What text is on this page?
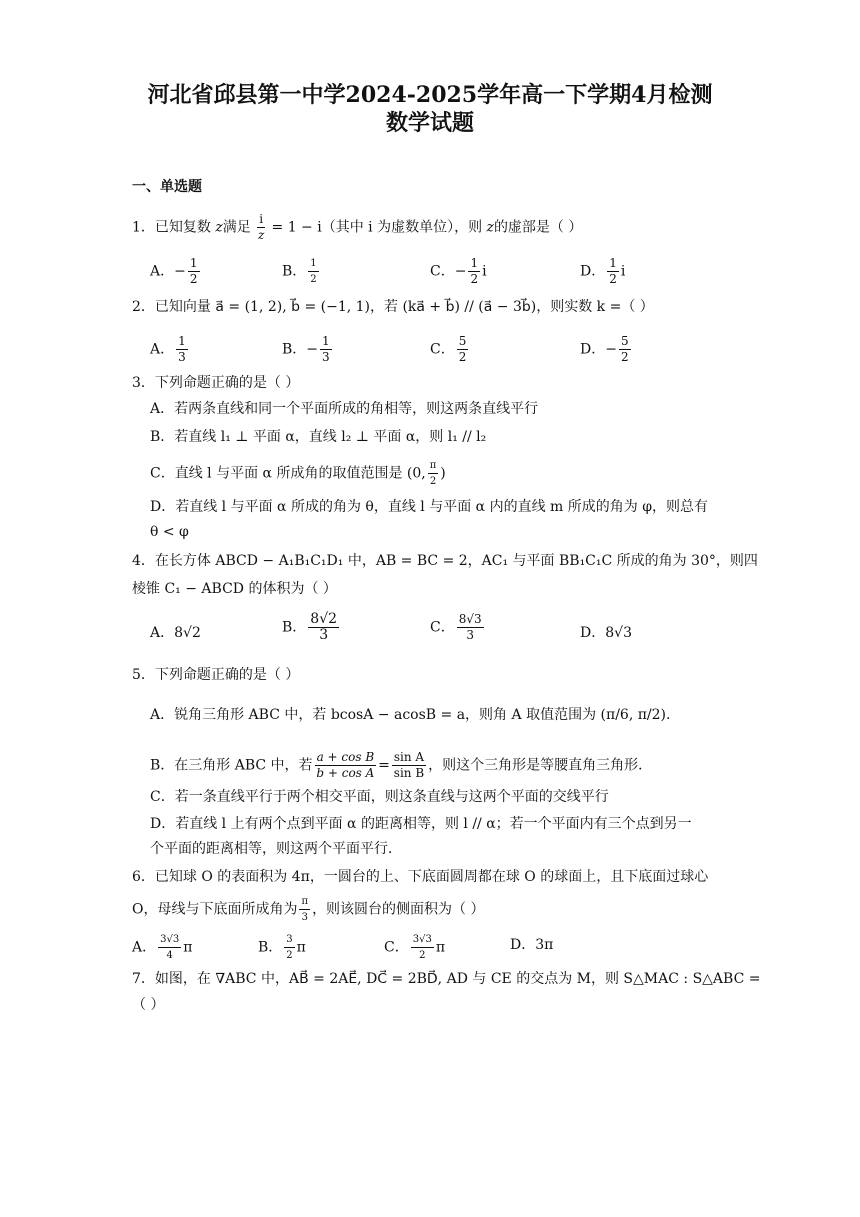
河北省邱县第一中学2024-2025学年高一下学期4月检测
数学试题
一、单选题
1．已知复数 z满足 $\frac{i}{z} = 1 - i$（其中 i 为虚数单位），则 z的虚部是（ ）
A．− $\frac{1}{2}$	B． $\frac{1}{2}$	C．− $\frac{1}{2}$ i	D． $\frac{1}{2}$ i
2．已知向量 a⃗ = (1, 2), b⃗ = (−1, 1)，若 (ka⃗ + b⃗) // (a⃗ − 3b⃗)，则实数 k =（ ）
A． $\frac{1}{3}$	B．− $\frac{1}{3}$	C． $\frac{5}{2}$	D．− $\frac{5}{2}$
3．下列命题正确的是（ ）
A．若两条直线和同一个平面所成的角相等，则这两条直线平行
B．若直线 l₁ ⊥ 平面 α，直线 l₂ ⊥ 平面 α，则 l₁ // l₂
C．直线 l 与平面 α 所成角的取值范围是 (0, $\frac{\pi}{2}$ )
D．若直线 l 与平面 α 所成的角为 θ，直线 l 与平面 α 内的直线 m 所成的角为 φ，则总有
θ < φ
4．在长方体 ABCD − A₁B₁C₁D₁ 中，AB = BC = 2，AC₁ 与平面 BB₁C₁C 所成的角为 30°，则四
棱锥 C₁ − ABCD 的体积为（ ）
A．8√2	B． $\frac{8√2}{3}$	C． $\frac{8√3}{3}$	D．8√3
5．下列命题正确的是（ ）
A．锐角三角形 ABC 中，若 bcosA − acosB = a，则角 A 取值范围为 (π/6, π/2).
B．在三角形 ABC 中，若 $\frac{\text{a + cos B}}{\text{b + cos A}} = \frac{\text{sin A}}{\text{sin B}}$ ，则这个三角形是等腰直角三角形．
C．若一条直线平行于两个相交平面，则这条直线与这两个平面的交线平行
D．若直线 l 上有两个点到平面 α 的距离相等，则 l // α；若一个平面内有三个点到另一
个平面的距离相等，则这两个平面平行．
6．已知球 O 的表面积为 4π，一圆台的上、下底面圆周都在球 O 的球面上，且下底面过球心
O，母线与下底面所成角为 $\frac{\pi}{3}$ ，则该圆台的侧面积为（ ）
A． $\frac{3√3}{4}$ π	B． $\frac{3}{2}$ π	C． $\frac{3√3}{2}$ π	D．3π
7．如图，在 ∇ABC 中，AB⃗ = 2AE⃗, DC⃗ = 2BD⃗, AD 与 CE 的交点为 M，则 S△MAC : S△ABC =
（ ）
